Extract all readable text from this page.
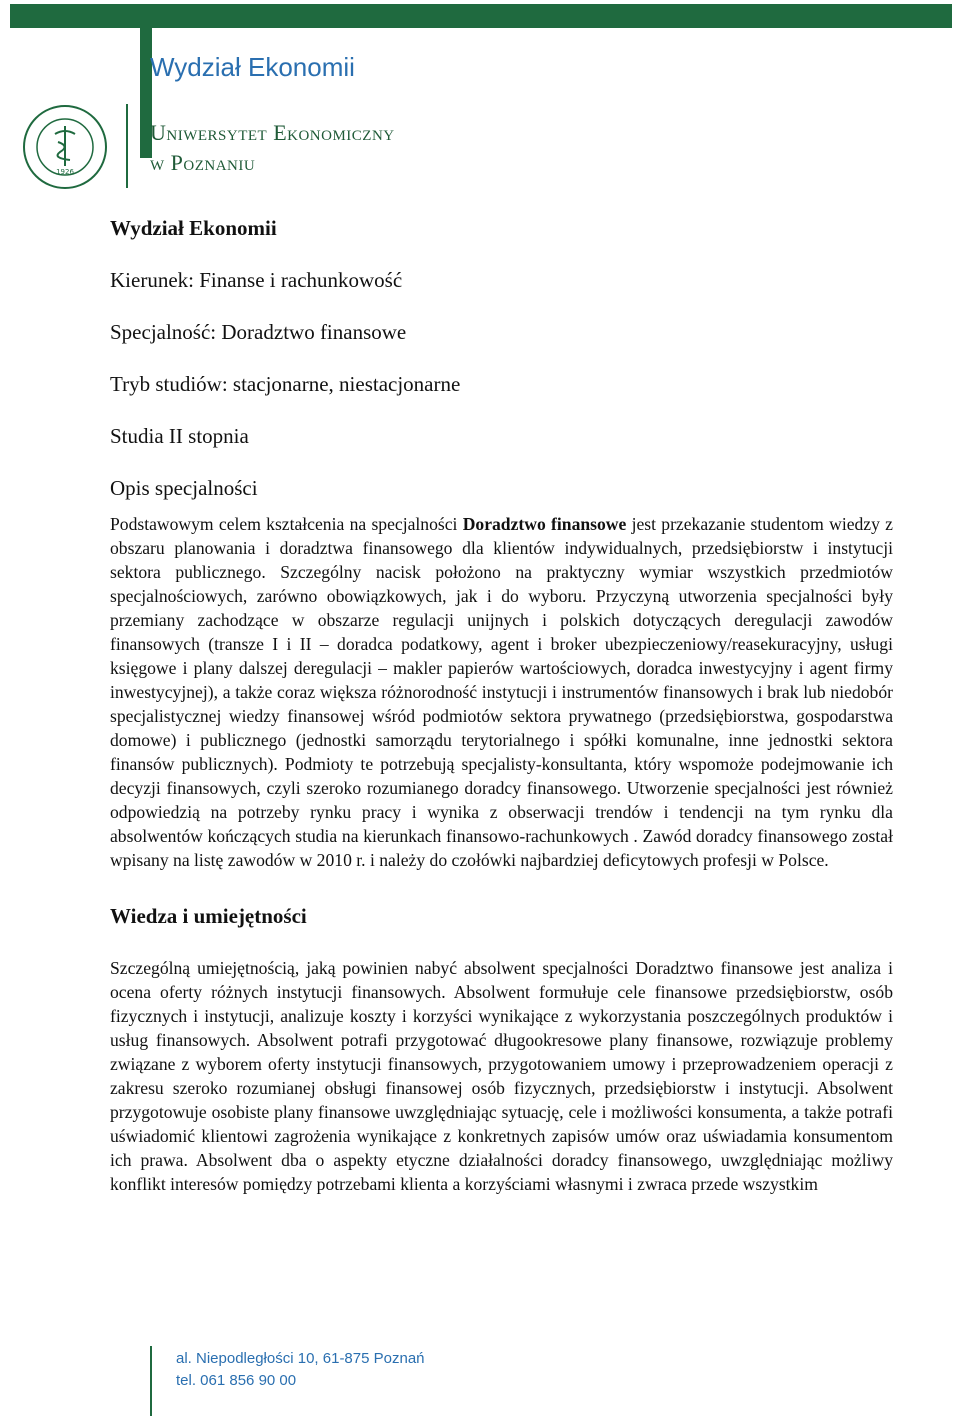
Wydział Ekonomii
1926
Uniwersytet Ekonomiczny
w Poznaniu

Wydział Ekonomii

Kierunek: Finanse i rachunkowość

Specjalność: Doradztwo finansowe

Tryb studiów: stacjonarne, niestacjonarne

Studia II stopnia

Opis specjalności

Podstawowym celem kształcenia na specjalności Doradztwo finansowe jest przekazanie studentom wiedzy z obszaru planowania i doradztwa finansowego dla klientów indywidualnych, przedsiębiorstw i instytucji sektora publicznego. Szczególny nacisk położono na praktyczny wymiar wszystkich przedmiotów specjalnościowych, zarówno obowiązkowych, jak i do wyboru. Przyczyną utworzenia specjalności były przemiany zachodzące w obszarze regulacji unijnych i polskich dotyczących deregulacji zawodów finansowych (transze I i II – doradca podatkowy, agent i broker ubezpieczeniowy/reasekuracyjny, usługi księgowe i plany dalszej deregulacji – makler papierów wartościowych, doradca inwestycyjny i agent firmy inwestycyjnej), a także coraz większa różnorodność instytucji i instrumentów finansowych i brak lub niedobór specjalistycznej wiedzy finansowej wśród podmiotów sektora prywatnego (przedsiębiorstwa, gospodarstwa domowe) i publicznego (jednostki samorządu terytorialnego i spółki komunalne, inne jednostki sektora finansów publicznych). Podmioty te potrzebują specjalisty-konsultanta, który wspomoże podejmowanie ich decyzji finansowych, czyli szeroko rozumianego doradcy finansowego. Utworzenie specjalności jest również odpowiedzią na potrzeby rynku pracy i wynika z obserwacji trendów i tendencji na tym rynku dla absolwentów kończących studia na kierunkach finansowo-rachunkowych . Zawód doradcy finansowego został wpisany na listę zawodów w 2010 r. i należy do czołówki najbardziej deficytowych profesji w Polsce.

Wiedza i umiejętności

Szczególną umiejętnością, jaką powinien nabyć absolwent specjalności Doradztwo finansowe jest analiza i ocena oferty różnych instytucji finansowych. Absolwent formułuje cele finansowe przedsiębiorstw, osób fizycznych i instytucji, analizuje koszty i korzyści wynikające z wykorzystania poszczególnych produktów i usług finansowych. Absolwent potrafi przygotować długookresowe plany finansowe, rozwiązuje problemy związane z wyborem oferty instytucji finansowych, przygotowaniem umowy i przeprowadzeniem operacji z zakresu szeroko rozumianej obsługi finansowej osób fizycznych, przedsiębiorstw i instytucji. Absolwent przygotowuje osobiste plany finansowe uwzględniając sytuację, cele i możliwości konsumenta, a także potrafi uświadomić klientowi zagrożenia wynikające z konkretnych zapisów umów oraz uświadamia konsumentom ich prawa. Absolwent dba o aspekty etyczne działalności doradcy finansowego, uwzględniając możliwy konflikt interesów pomiędzy potrzebami klienta a korzyściami własnymi i zwraca przede wszystkim

al. Niepodległości 10, 61-875 Poznań
tel. 061 856 90 00
